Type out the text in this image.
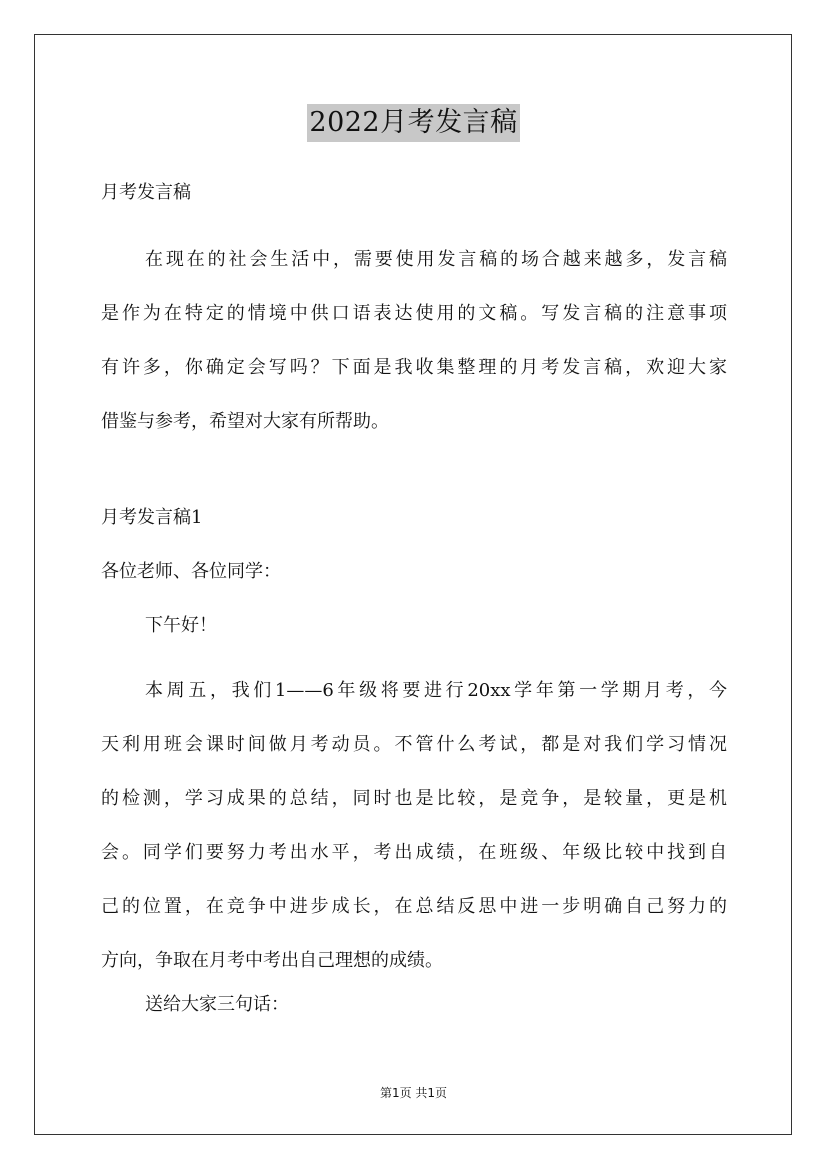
2022月考发言稿

月考发言稿

在现在的社会生活中，需要使用发言稿的场合越来越多，发言稿
是作为在特定的情境中供口语表达使用的文稿。写发言稿的注意事项
有许多，你确定会写吗？下面是我收集整理的月考发言稿，欢迎大家
借鉴与参考，希望对大家有所帮助。

月考发言稿1

各位老师、各位同学：

下午好！

本周五，我们1——6年级将要进行20xx学年第一学期月考，今
天利用班会课时间做月考动员。不管什么考试，都是对我们学习情况
的检测，学习成果的总结，同时也是比较，是竞争，是较量，更是机
会。同学们要努力考出水平，考出成绩，在班级、年级比较中找到自
己的位置，在竞争中进步成长，在总结反思中进一步明确自己努力的
方向，争取在月考中考出自己理想的成绩。

送给大家三句话：

第1页 共1页
